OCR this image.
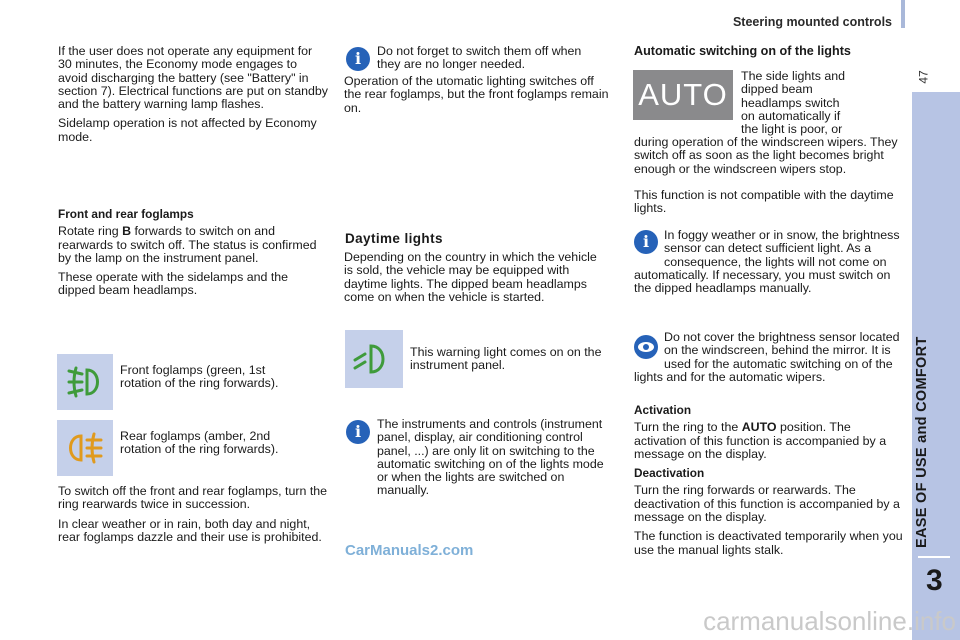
Steering mounted controls
47
EASE OF USE and COMFORT
3

If the user does not operate any equipment for 30 minutes, the Economy mode engages to avoid discharging the battery (see "Battery" in section 7). Electrical functions are put on standby and the battery warning lamp flashes.

Sidelamp operation is not affected by Economy mode.

Front and rear foglamps

Rotate ring B forwards to switch on and rearwards to switch off. The status is confirmed by the lamp on the instrument panel.

These operate with the sidelamps and the dipped beam headlamps.

Front foglamps (green, 1st rotation of the ring forwards).
Rear foglamps (amber, 2nd rotation of the ring forwards).

To switch off the front and rear foglamps, turn the ring rearwards twice in succession.

In clear weather or in rain, both day and night, rear foglamps dazzle and their use is prohibited.

i	Do not forget to switch them off when they are no longer needed.
Operation of the utomatic lighting switches off the rear foglamps, but the front foglamps remain on.
Daytime lights
Depending on the country in which the vehicle is sold, the vehicle may be equipped with daytime lights. The dipped beam headlamps come on when the vehicle is started.
This warning light comes on on the instrument panel.
i	The instruments and controls (instrument panel, display, air conditioning control panel, ...) are only lit on switching to the automatic switching on of the lights mode or when the lights are switched on manually.
CarManuals2.com
Automatic switching on of the lights
AUTO
The side lights and dipped beam headlamps switch on automatically if the light is poor, or
during operation of the windscreen wipers. They switch off as soon as the light becomes bright enough or the windscreen wipers stop.
This function is not compatible with the daytime lights.
i	In foggy weather or in snow, the brightness sensor can detect sufficient light. As a consequence, the lights will not come on automatically. If necessary, you must switch on the dipped headlamps manually.
Do not cover the brightness sensor located on the windscreen, behind the mirror. It is used for the automatic switching on of the lights and for the automatic wipers.
Activation

Turn the ring to the AUTO position. The activation of this function is accompanied by a message on the display.

Deactivation

Turn the ring forwards or rearwards. The deactivation of this function is accompanied by a message on the display.

The function is deactivated temporarily when you use the manual lights stalk.

carmanualsonline.info
